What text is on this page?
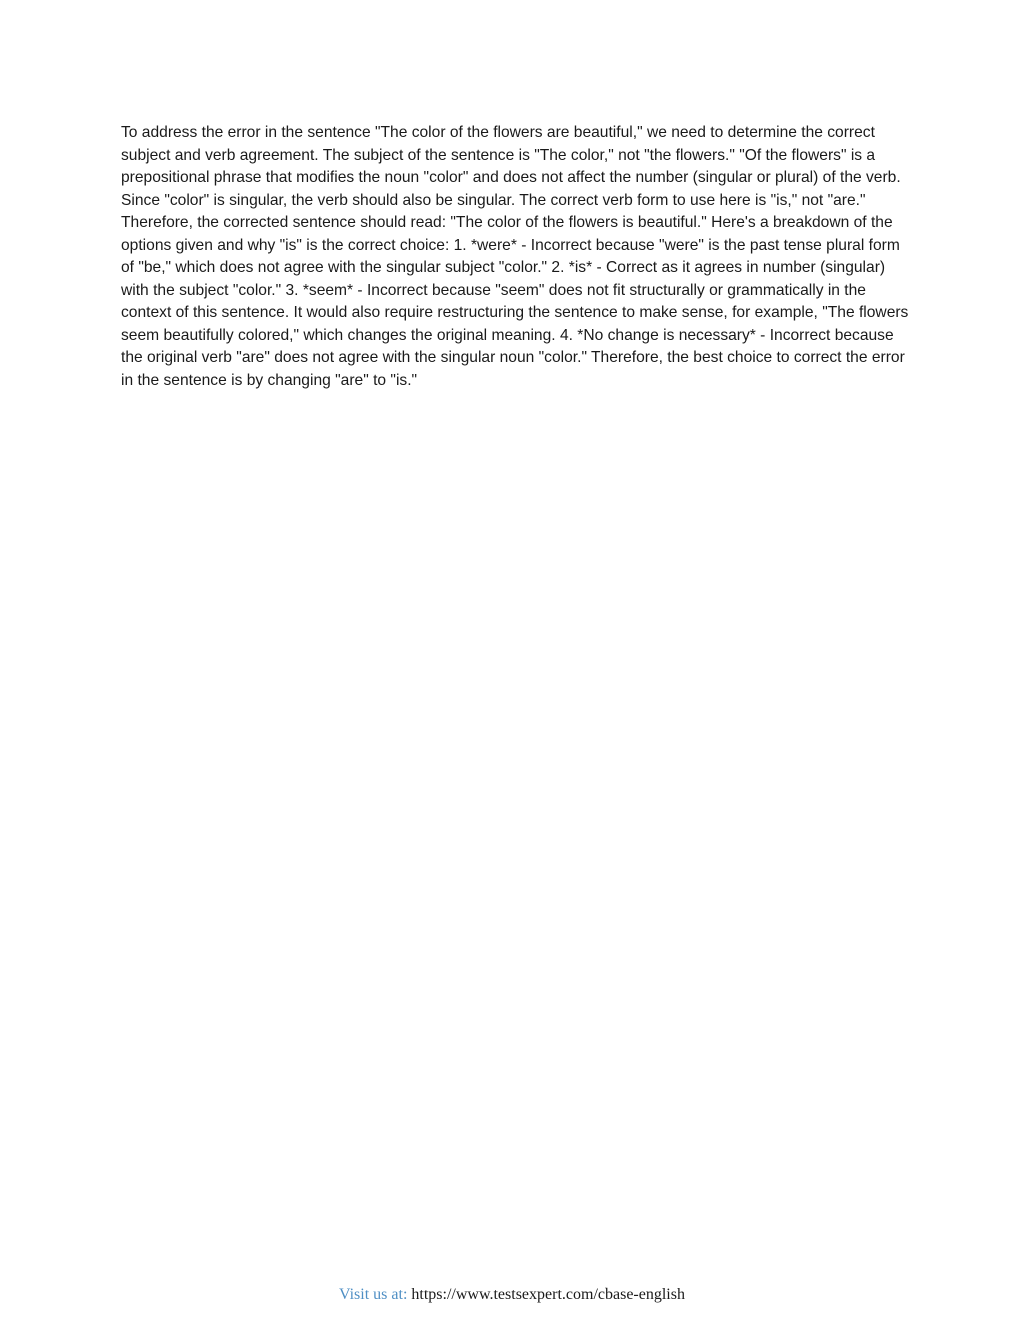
To address the error in the sentence "The color of the flowers are beautiful," we need to determine the correct subject and verb agreement. The subject of the sentence is "The color," not "the flowers." "Of the flowers" is a prepositional phrase that modifies the noun "color" and does not affect the number (singular or plural) of the verb. Since "color" is singular, the verb should also be singular. The correct verb form to use here is "is," not "are." Therefore, the corrected sentence should read: "The color of the flowers is beautiful." Here's a breakdown of the options given and why "is" is the correct choice: 1. *were* - Incorrect because "were" is the past tense plural form of "be," which does not agree with the singular subject "color." 2. *is* - Correct as it agrees in number (singular) with the subject "color." 3. *seem* - Incorrect because "seem" does not fit structurally or grammatically in the context of this sentence. It would also require restructuring the sentence to make sense, for example, "The flowers seem beautifully colored," which changes the original meaning. 4. *No change is necessary* - Incorrect because the original verb "are" does not agree with the singular noun "color." Therefore, the best choice to correct the error in the sentence is by changing "are" to "is."

Visit us at: https://www.testsexpert.com/cbase-english
